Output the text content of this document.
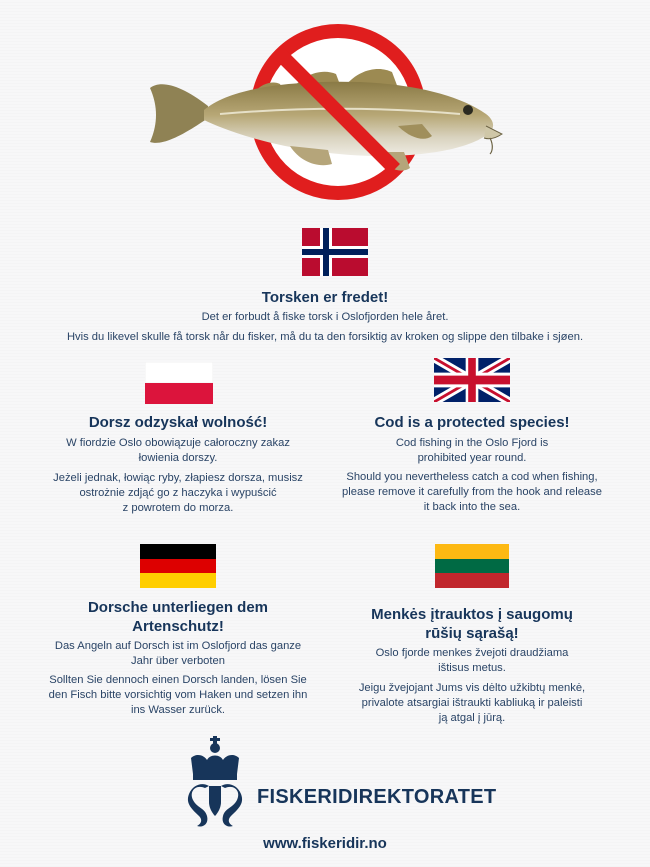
Torsken er fredet!

Det er forbudt å fiske torsk i Oslofjorden hele året.

Hvis du likevel skulle få torsk når du fisker, må du ta den forsiktig av kroken og slippe den tilbake i sjøen.

Dorsz odzyskał wolność!

W fiordzie Oslo obowiązuje całoroczny zakaz

łowienia dorszy.

Jeżeli jednak, łowiąc ryby, złapiesz dorsza, musisz

ostrożnie zdjąć go z haczyka i wypuścić

z powrotem do morza.

Cod is a protected species!

Cod fishing in the Oslo Fjord is

prohibited year round.

Should you nevertheless catch a cod when fishing,

please remove it carefully from the hook and release

it back into the sea.

Dorsche unterliegen dem
Artenschutz!

Das Angeln auf Dorsch ist im Oslofjord das ganze

Jahr über verboten

Sollten Sie dennoch einen Dorsch landen, lösen Sie

den Fisch bitte vorsichtig vom Haken und setzen ihn

ins Wasser zurück.

Menkės įtrauktos į saugomų
rūšių sąrašą!

Oslo fjorde menkes žvejoti draudžiama

ištisus metus.

Jeigu žvejojant Jums vis dėlto užkibtų menkė,

privalote atsargiai ištraukti kabliuką ir paleisti

ją atgal į jūrą.

FISKERIDIREKTORATET
www.fiskeridir.no
